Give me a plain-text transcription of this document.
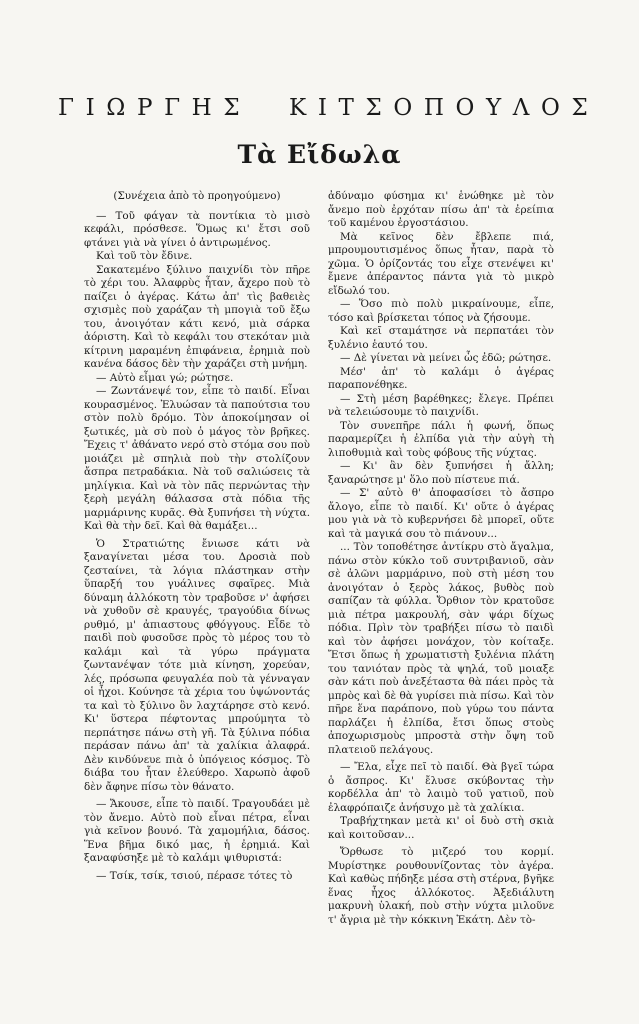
Γ Ι Ω Ρ Γ Η Σ

Κ Ι Τ Σ Ο Π Ο Υ Λ Ο Σ
Τὰ Εἴδωλα

(Συνέχεια ἀπὸ τὸ προηγούμενο)

— Τοῦ φάγαν τὰ ποντίκια τὸ μισὸ κεφάλι, πρόσθεσε. Ὅμως κι' ἔτσι σοῦ φτάνει γιὰ νὰ γίνει ὁ ἀντιρωμένος.

Καὶ τοῦ τὸν ἔδινε.

Σακατεμένο ξύλινο παιχνίδι τὸν πῆρε τὸ χέρι του. Ἀλαφρὺς ἦταν, ἄχερο ποὺ τὸ παίζει ὁ ἀγέρας. Κάτω ἀπ' τὶς βαθειὲς σχισμὲς ποὺ χαράζαν τὴ μπογιὰ τοῦ ἔξω του, ἀνοιγόταν κάτι κενό, μιὰ σάρκα ἀόριστη. Καὶ τὸ κεφάλι του στεκόταν μιὰ κίτρινη μαραμένη ἐπιφάνεια, ἐρημιὰ ποὺ κανένα δάσος δὲν τὴν χαράζει στὴ μνήμη.

— Αὐτὸ εἶμαι γώ; ρώτησε.

— Ζωντάνεψέ τον, εἶπε τὸ παιδί. Εἶναι κουρασμένος. Ἐλυώσαν τὰ παπούτσια του στὸν πολὺ δρόμο. Τὸν ἀποκοίμησαν οἱ ξωτικές, μὰ σὺ ποὺ ὁ μάγος τὸν βρῆκες. Ἔχεις τ' ἀθάνατο νερό στὸ στόμα σου ποὺ μοιάζει μὲ σπηλιὰ ποὺ τὴν στολίζουν ἄσπρα πετραδάκια. Νὰ τοῦ σαλιώσεις τὰ μηλίγκια. Καὶ νὰ τὸν πᾶς περνώντας τὴν ξερὴ μεγάλη θάλασσα στὰ πόδια τῆς μαρμάρινης κυρᾶς. Θὰ ξυπνήσει τὴ νύχτα. Καὶ θὰ τὴν δεῖ. Καὶ θὰ θαμάξει...

Ὁ Στρατιώτης ἔνιωσε κάτι νὰ ξαναγίνεται μέσα του. Δροσιὰ ποὺ ζεσταίνει, τὰ λόγια πλάστηκαν στὴν ὕπαρξή του γυάλινες σφαῖρες. Μιὰ δύναμη ἀλλόκοτη τὸν τραβοῦσε ν' ἀφήσει νὰ χυθοῦν σὲ κραυγές, τραγούδια δίνως ρυθμό, μ' ἀπιαστους φθόγγους. Εἶδε τὸ παιδὶ ποὺ φυσοῦσε πρὸς τὸ μέρος του τὸ καλάμι καὶ τὰ γύρω πράγματα ζωντανέψαν τότε μιὰ κίνηση, χορεύαν, λές, πρόσωπα φευγαλέα ποὺ τὰ γένναγαν οἱ ἦχοι. Κούνησε τὰ χέρια του ὑψώνοντάς τα καὶ τὸ ξύλινο ὃν λαχτάρησε στὸ κενό. Κι' ὕστερα πέφτοντας μπρούμητα τὸ περπάτησε πάνω στὴ γῆ. Τὰ ξύλινα πόδια περάσαν πάνω ἀπ' τὰ χαλίκια ἀλαφρά. Δὲν κινδύνευε πιὰ ὁ ὑπόγειος κόσμος. Τὸ διάβα του ἦταν ἐλεύθερο. Χαρωπὸ ἀφοῦ δὲν ἄφηνε πίσω τὸν θάνατο.

— Ἄκουσε, εἶπε τὸ παιδί. Τραγουδάει μὲ τὸν ἄνεμο. Αὐτὸ ποὺ εἶναι πέτρα, εἶναι γιὰ κεῖνον βουνό. Τὰ χαμομήλια, δάσος. Ἕνα βῆμα δικό μας, ἡ ἐρημιά. Καὶ ξαναφύσηξε μὲ τὸ καλάμι ψιθυριστά:

— Τσίκ, τσίκ, τσιού, πέρασε τότες τὸ

ἀδύναμο φύσημα κι' ἑνώθηκε μὲ τὸν ἄνεμο ποὺ ἐρχόταν πίσω ἀπ' τὰ ἐρείπια τοῦ καμένου ἐργοστάσιου.

Μὰ κεῖνος δὲν ἔβλεπε πιά, μπρουμουτισμένος ὅπως ἦταν, παρὰ τὸ χῶμα. Ὁ ὁρίζοντάς του εἶχε στενέψει κι' ἔμενε ἀπέραντος πάντα γιὰ τὸ μικρὸ εἴδωλό του.

— Ὅσο πιὸ πολὺ μικραίνουμε, εἶπε, τόσο καὶ βρίσκεται τόπος νὰ ζήσουμε.

Καὶ κεῖ σταμάτησε νὰ περπατάει τὸν ξυλένιο ἑαυτό του.

— Δὲ γίνεται νὰ μείνει ὧς ἐδῶ; ρώτησε.

Μέσ' ἀπ' τὸ καλάμι ὁ ἀγέρας παραπονέθηκε.

— Στὴ μέση βαρέθηκες; ἔλεγε. Πρέπει νὰ τελειώσουμε τὸ παιχνίδι.

Τὸν συνεπῆρε πάλι ἡ φωνή, ὅπως παραμερίζει ἡ ἐλπίδα γιὰ τὴν αὐγὴ τὴ λιποθυμιὰ καὶ τοὺς φόβους τῆς νύχτας.

— Κι' ἂν δὲν ξυπνήσει ἡ ἄλλη; ξαναρώτησε μ' ὅλο ποὺ πίστευε πιά.

— Σ' αὐτὸ θ' ἀποφασίσει τὸ ἄσπρο ἄλογο, εἶπε τὸ παιδί. Κι' οὔτε ὁ ἀγέρας μου γιὰ νὰ τὸ κυβερνήσει δὲ μπορεῖ, οὔτε καὶ τὰ μαγικά σου τὸ πιάνουν...

... Τὸν τοποθέτησε ἀντίκρυ στὸ ἄγαλμα, πάνω στὸν κύκλο τοῦ συντριβανιοῦ, σὰν σὲ ἀλῶνι μαρμάρινο, ποὺ στὴ μέση του ἀνοιγόταν ὁ ξερὸς λάκος, βυθὸς ποὺ σαπίζαν τὰ φύλλα. Ὄρθιον τὸν κρατοῦσε μιὰ πέτρα μακρουλή, σὰν ψάρι δίχως πόδια. Πρὶν τὸν τραβήξει πίσω τὸ παιδὶ καὶ τὸν ἀφήσει μονάχον, τὸν κοίταξε. Ἔτσι ὅπως ἡ χρωματιστὴ ξυλένια πλάτη του τανιόταν πρὸς τὰ ψηλά, τοῦ μοιαξε σὰν κάτι ποὺ ἀνεξέταστα θὰ πάει πρὸς τὰ μπρὸς καὶ δὲ θὰ γυρίσει πιὰ πίσω. Καὶ τὸν πῆρε ἕνα παράπονο, ποὺ γύρω του πάντα παρλάζει ἡ ἐλπίδα, ἔτσι ὅπως στοὺς ἀποχωρισμοὺς μπροστὰ στὴν ὄψη τοῦ πλατειοῦ πελάγους.

— Ἔλα, εἶχε πεῖ τὸ παιδί. Θὰ βγεῖ τώρα ὁ ἄσπρος. Κι' ἔλυσε σκύβοντας τὴν κορδέλλα ἀπ' τὸ λαιμὸ τοῦ γατιοῦ, ποὺ ἐλαφρόπαιζε ἀνήσυχο μὲ τὰ χαλίκια.

Τραβήχτηκαν μετὰ κι' οἱ δυὸ στὴ σκιὰ καὶ κοιτοῦσαν...

Ὄρθωσε τὸ μιζερό του κορμί. Μυρίστηκε ρουθουνίζοντας τὸν ἀγέρα. Καὶ καθὼς πήδηξε μέσα στὴ στέρνα, βγῆκε ἕνας ἦχος ἀλλόκοτος. Ἀξεδιάλυτη μακρυνὴ ὑλακή, ποὺ στὴν νύχτα μιλοῦνε τ' ἄγρια μὲ τὴν κόκκινη Ἑκάτη. Δὲν τὸ-
